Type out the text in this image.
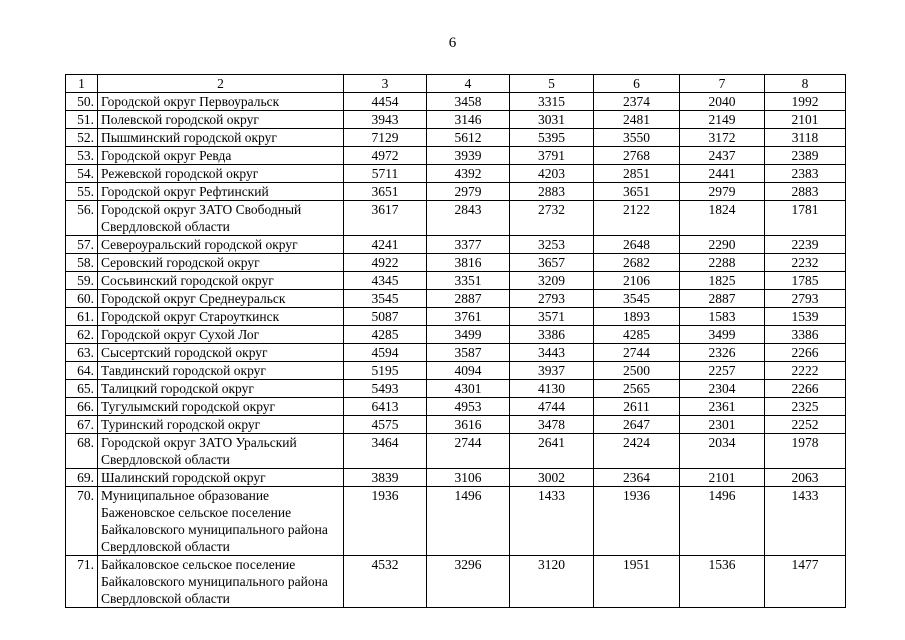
6
1	2	3	4	5	6	7	8
50.	Городской округ Первоуральск	4454	3458	3315	2374	2040	1992
51.	Полевской городской округ	3943	3146	3031	2481	2149	2101
52.	Пышминский городской округ	7129	5612	5395	3550	3172	3118
53.	Городской округ Ревда	4972	3939	3791	2768	2437	2389
54.	Режевской городской округ	5711	4392	4203	2851	2441	2383
55.	Городской округ Рефтинский	3651	2979	2883	3651	2979	2883
56.	Городской округ ЗАТО Свободный Свердловской области	3617	2843	2732	2122	1824	1781
57.	Североуральский городской округ	4241	3377	3253	2648	2290	2239
58.	Серовский городской округ	4922	3816	3657	2682	2288	2232
59.	Сосьвинский городской округ	4345	3351	3209	2106	1825	1785
60.	Городской округ Среднеуральск	3545	2887	2793	3545	2887	2793
61.	Городской округ Староуткинск	5087	3761	3571	1893	1583	1539
62.	Городской округ Сухой Лог	4285	3499	3386	4285	3499	3386
63.	Сысертский городской округ	4594	3587	3443	2744	2326	2266
64.	Тавдинский городской округ	5195	4094	3937	2500	2257	2222
65.	Талицкий городской округ	5493	4301	4130	2565	2304	2266
66.	Тугулымский городской округ	6413	4953	4744	2611	2361	2325
67.	Туринский городской округ	4575	3616	3478	2647	2301	2252
68.	Городской округ ЗАТО Уральский Свердловской области	3464	2744	2641	2424	2034	1978
69.	Шалинский городской округ	3839	3106	3002	2364	2101	2063
70.	Муниципальное образование Баженовское сельское поселение Байкаловского муниципального района Свердловской области	1936	1496	1433	1936	1496	1433
71.	Байкаловское сельское поселение Байкаловского муниципального района Свердловской области	4532	3296	3120	1951	1536	1477
